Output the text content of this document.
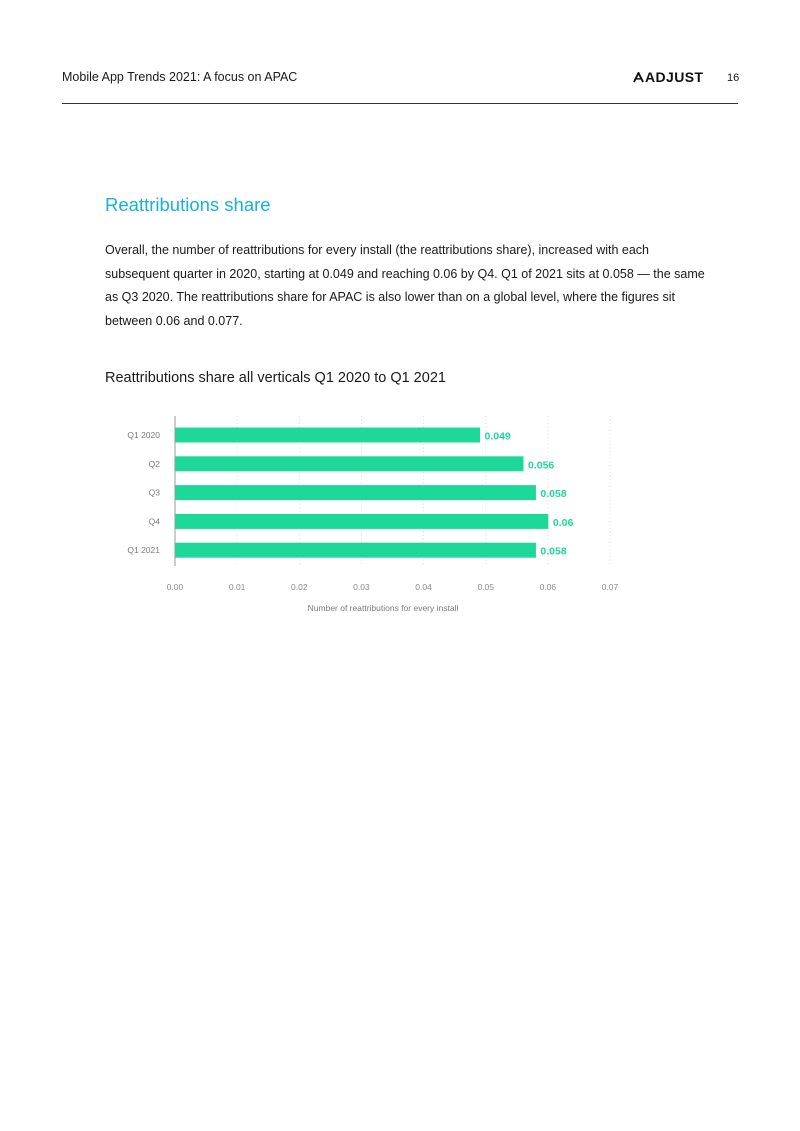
Mobile App Trends 2021: A focus on APAC	ADJUST 16
Reattributions share

Overall, the number of reattributions for every install (the reattributions share), increased with each subsequent quarter in 2020, starting at 0.049 and reaching 0.06 by Q4. Q1 of 2021 sits at 0.058 — the same as Q3 2020. The reattributions share for APAC is also lower than on a global level, where the figures sit between 0.06 and 0.077.

Reattributions share all verticals Q1 2020 to Q1 2021
0.00	0.01	0.02	0.03	0.04	0.05	0.06	0.07
Q1 2020	0.049
Q2	0.056
Q3	0.058
Q4	0.06
Q1 2021	0.058
Number of reattributions for every install
